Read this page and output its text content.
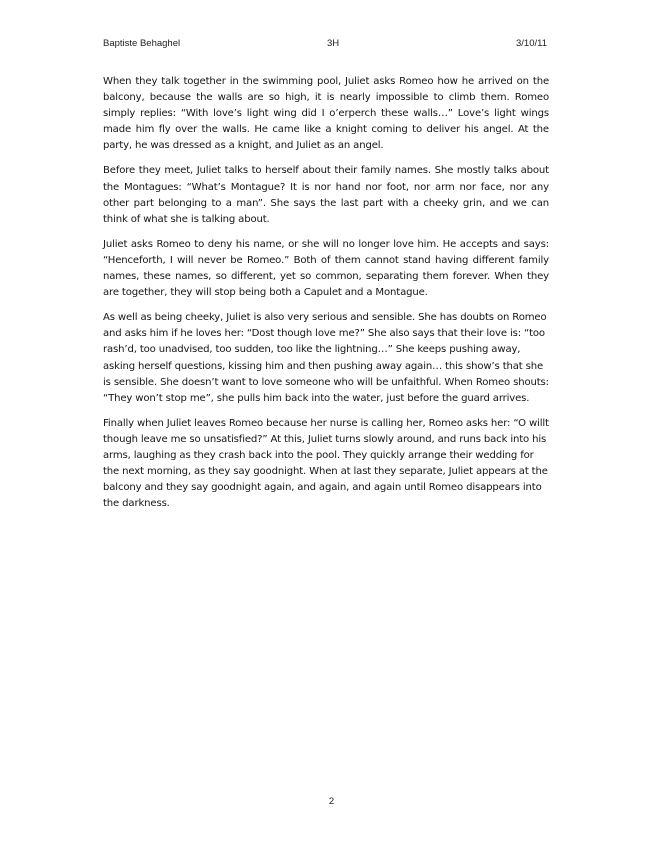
Baptiste Behaghel	3H	3/10/11

When they talk together in the swimming pool, Juliet asks Romeo how he arrived on the balcony, because the walls are so high, it is nearly impossible to climb them. Romeo simply replies: “With love’s light wing did I o’erperch these walls…” Love’s light wings made him fly over the walls. He came like a knight coming to deliver his angel. At the party, he was dressed as a knight, and Juliet as an angel.

Before they meet, Juliet talks to herself about their family names. She mostly talks about the Montagues: “What’s Montague? It is nor hand nor foot, nor arm nor face, nor any other part belonging to a man”. She says the last part with a cheeky grin, and we can think of what she is talking about.

Juliet asks Romeo to deny his name, or she will no longer love him. He accepts and says: “Henceforth, I will never be Romeo.” Both of them cannot stand having different family names, these names, so different, yet so common, separating them forever. When they are together, they will stop being both a Capulet and a Montague.

As well as being cheeky, Juliet is also very serious and sensible. She has doubts on Romeo and asks him if he loves her: “Dost though love me?” She also says that their love is: “too rash’d, too unadvised, too sudden, too like the lightning…” She keeps pushing away, asking herself questions, kissing him and then pushing away again… this show’s that she is sensible. She doesn’t want to love someone who will be unfaithful. When Romeo shouts: “They won’t stop me”, she pulls him back into the water, just before the guard arrives.

Finally when Juliet leaves Romeo because her nurse is calling her, Romeo asks her: “O willt though leave me so unsatisfied?” At this, Juliet turns slowly around, and runs back into his arms, laughing as they crash back into the pool. They quickly arrange their wedding for the next morning, as they say goodnight. When at last they separate, Juliet appears at the balcony and they say goodnight again, and again, and again until Romeo disappears into the darkness.

2
